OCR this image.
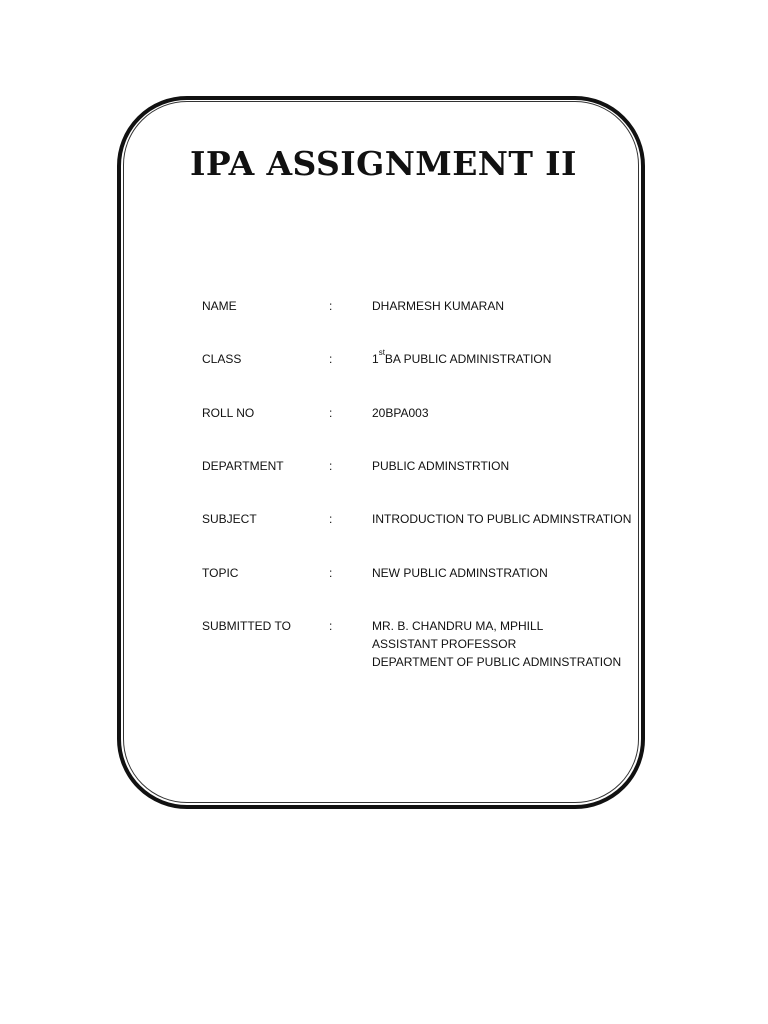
IPA ASSIGNMENT II
NAME	:	DHARMESH KUMARAN
CLASS	:	1stBA PUBLIC ADMINISTRATION
ROLL NO	:	20BPA003
DEPARTMENT	:	PUBLIC ADMINSTRTION
SUBJECT	:	INTRODUCTION TO PUBLIC ADMINSTRATION
TOPIC	:	NEW PUBLIC ADMINSTRATION
SUBMITTED TO	:	MR. B. CHANDRU MA, MPHILL
ASSISTANT PROFESSOR
DEPARTMENT OF PUBLIC ADMINSTRATION
